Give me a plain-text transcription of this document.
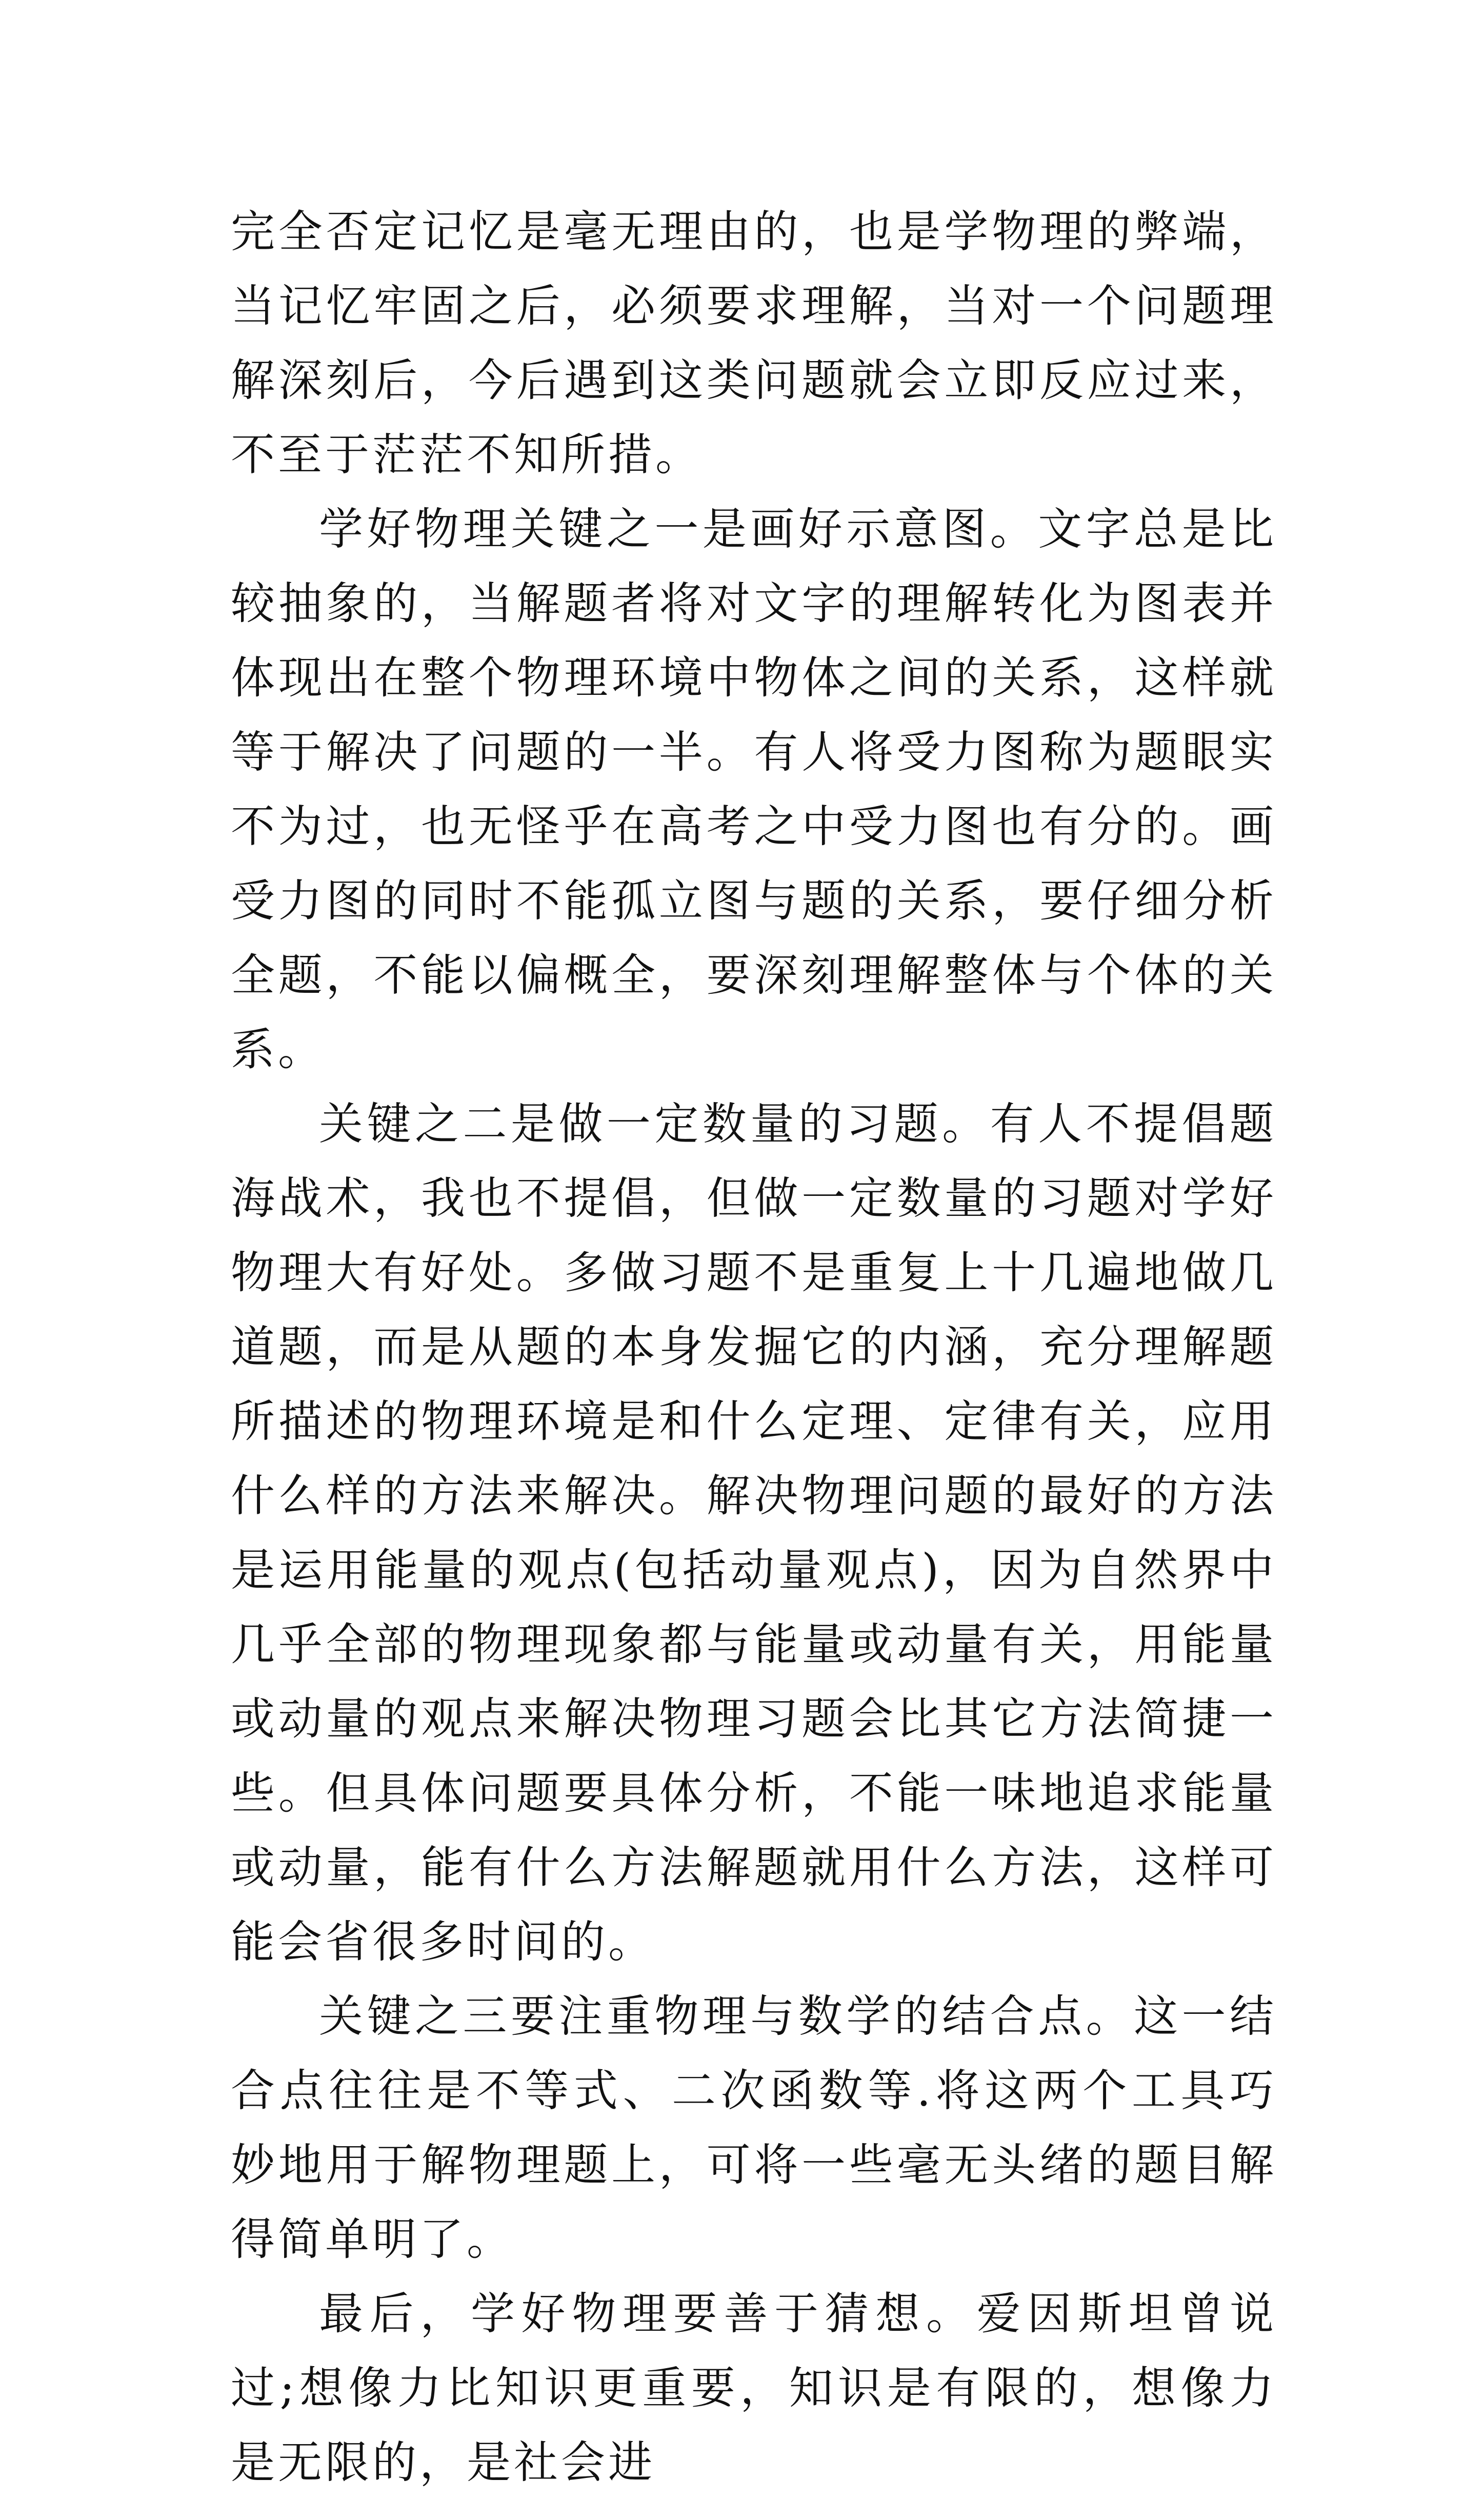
完全否定记忆是毫无理由的，也是学物理的弊端，当记忆牢固之后，必须要求理解，当对一个问题理解深刻后，今后遇到这类问题就会立即反应过来，不至于茫茫不知所措。

学好物理关键之一是画好示意图。文字总是比较抽象的，当解题者将对文字的理解转化为图表并体现出在整个物理环境中物体之间的关系，这样就等于解决了问题的一半。有人将受力图称为题眼实不为过，也无怪乎在高考之中受力图也有分的。画受力图的同时不能孤立图与题的关系，要仔细分析全题，不能以偏概全，要深刻理解整体与个体的关系。

关键之二是做一定数量的习题。有人不提倡题海战术，我也不提倡，但做一定数量的习题对学好物理大有好处。多做习题不是重复上十几遍地做几道题，而是从题的本身发掘它的内涵，充分理解题所描述的物理环境是和什么定理、定律有关，应用什么样的方法来解决。解决物理问题的最好的方法是运用能量的观点(包括动量观点)，因为自然界中几乎全部的物理现象都与能量或动量有关，用能量或动量的观点来解决物理习题会比其它方法简捷一些。但具体问题要具体分析，不能一味地追求能量或动量，能有什么方法解题就用什么方法，这样可能会省很多时间的。

关键之三要注重物理与数学的结合点。这一结合点往往是不等式、二次函数等.将这两个工具巧妙地用于解物理题上，可将一些毫无头绪的题目解得简单明了。

最后，学好物理要善于猜想。爱因斯坦曾说过;想像力比知识更重要，知识是有限的，想像力是无限的，是社会进
